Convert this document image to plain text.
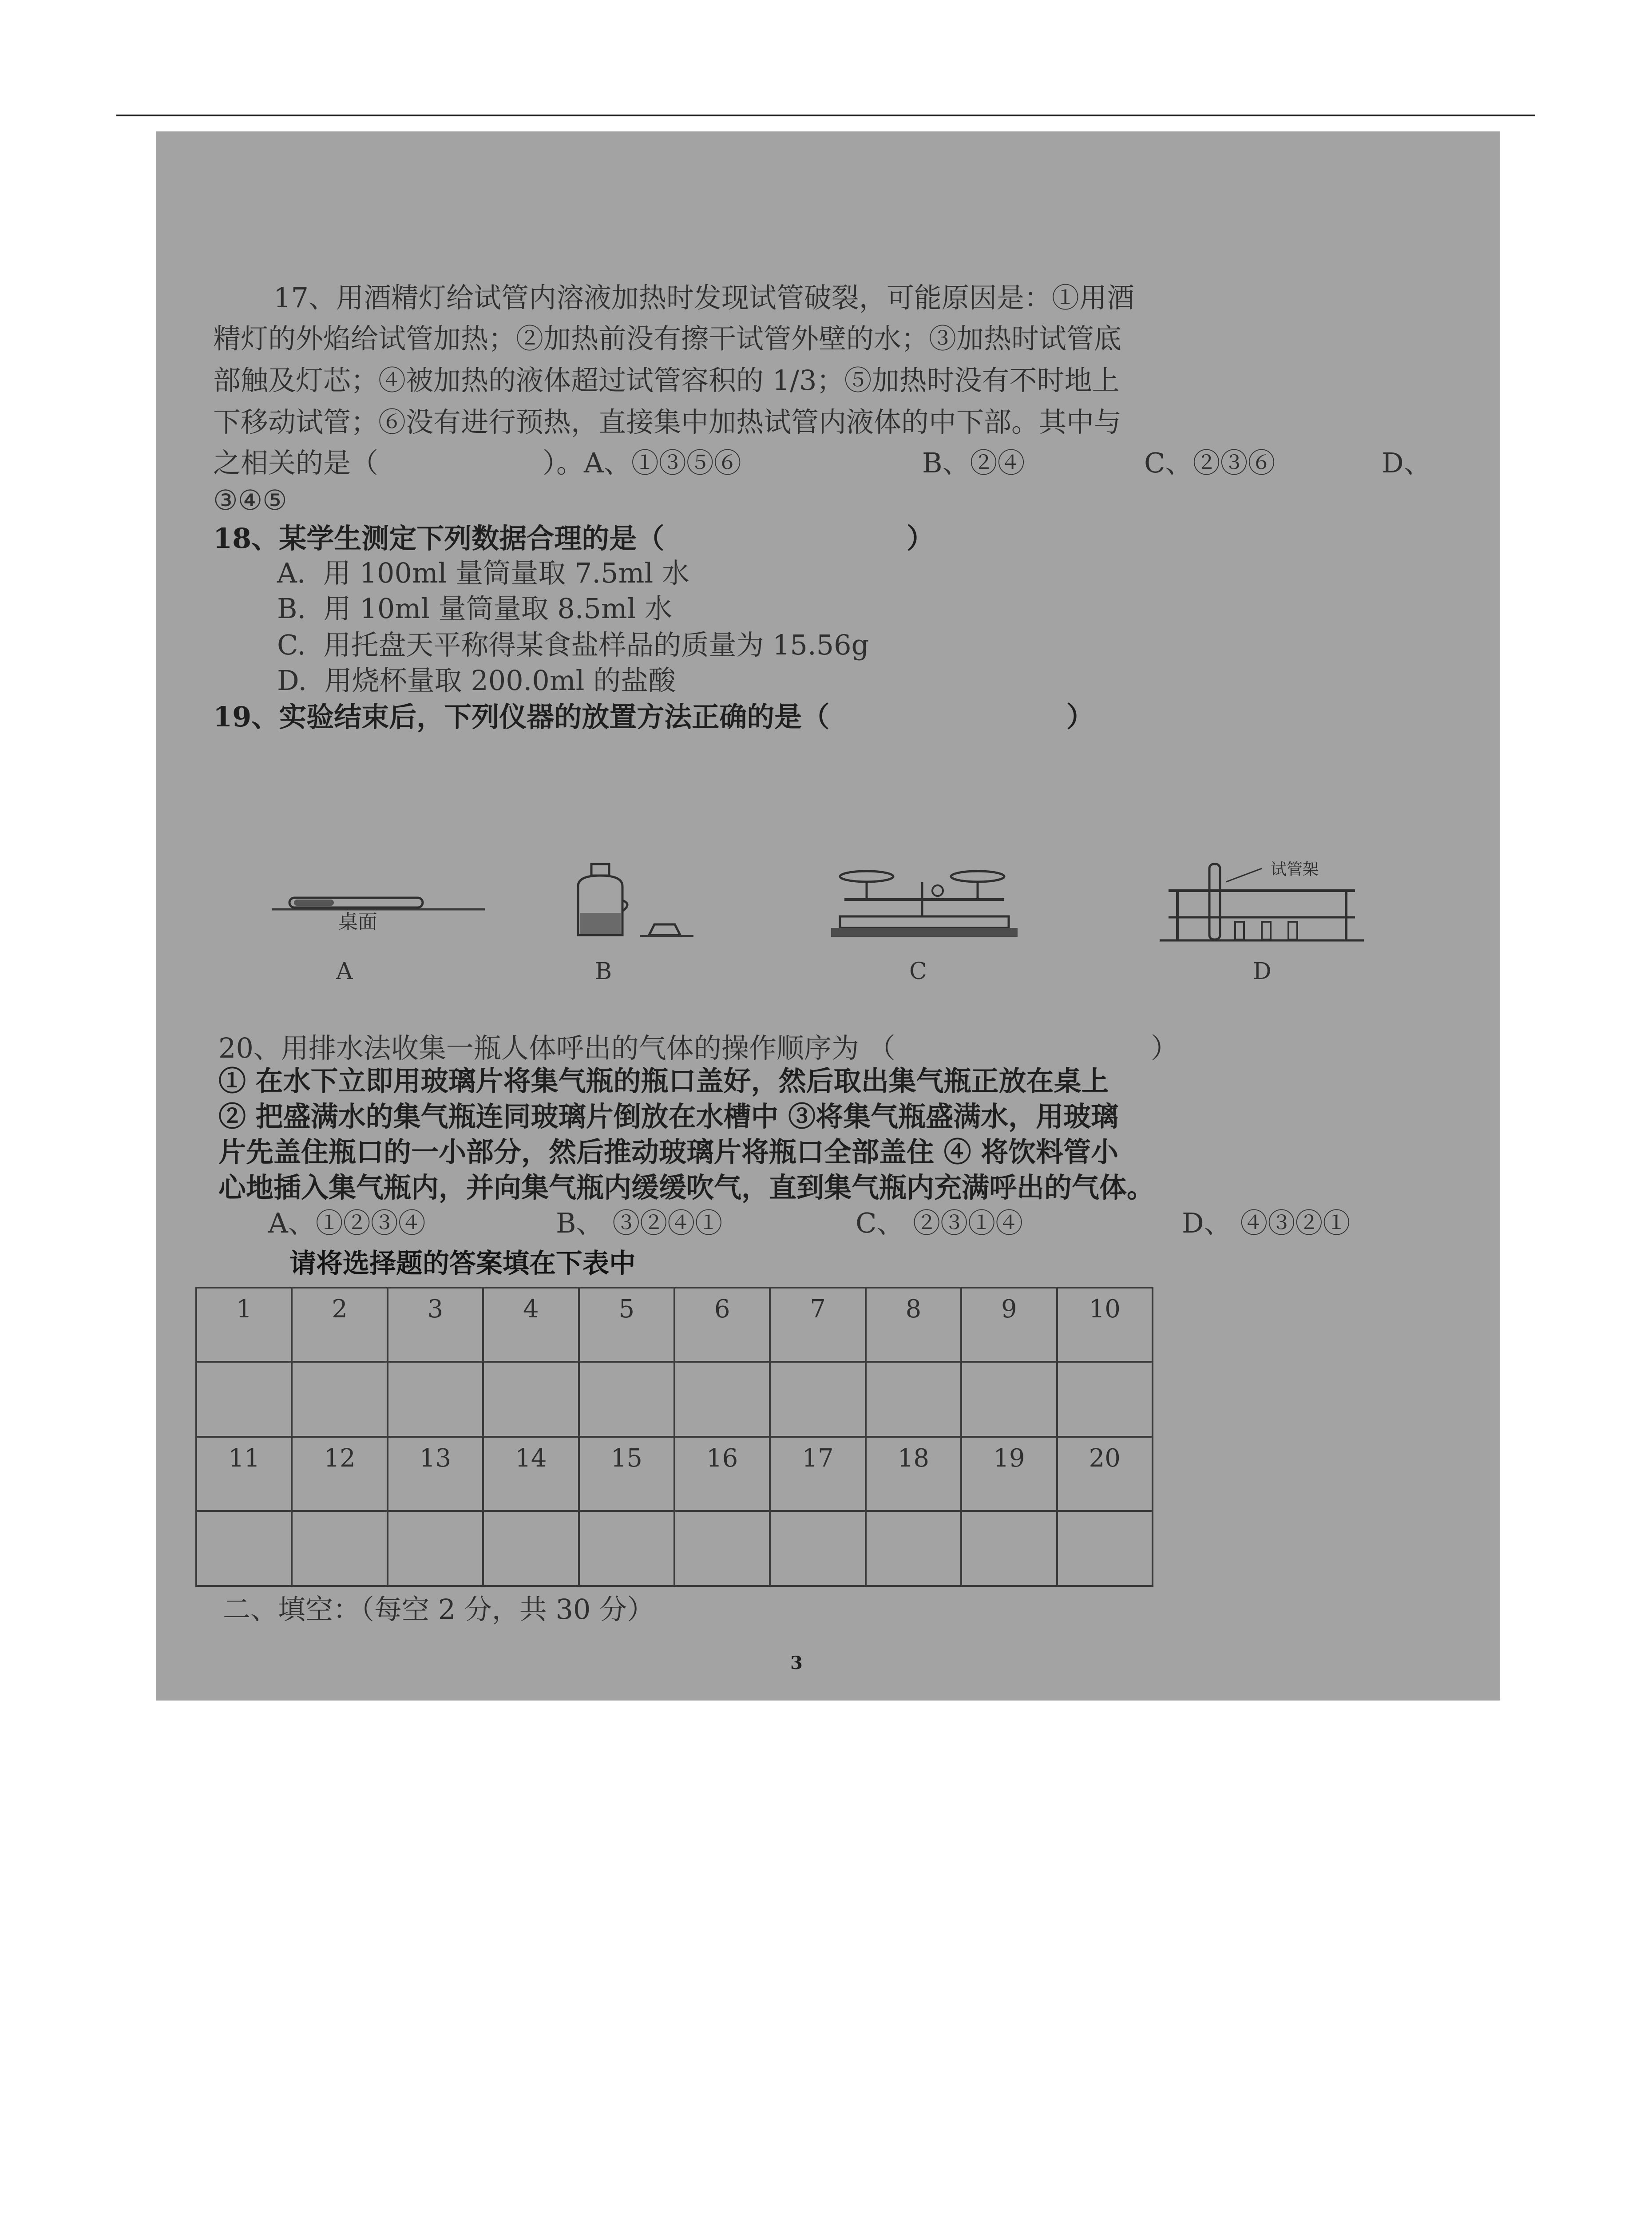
17、用酒精灯给试管内溶液加热时发现试管破裂，可能原因是：①用酒
精灯的外焰给试管加热；②加热前没有擦干试管外壁的水；③加热时试管底
部触及灯芯；④被加热的液体超过试管容积的 1/3；⑤加热时没有不时地上
下移动试管；⑥没有进行预热，直接集中加热试管内液体的中下部。其中与
之相关的是（	）。A、①③⑤⑥	B、②④	C、②③⑥	D、
③④⑤
18、某学生测定下列数据合理的是（	）
A.  用 100ml 量筒量取 7.5ml 水
B.  用 10ml 量筒量取 8.5ml 水
C.  用托盘天平称得某食盐样品的质量为 15.56g
D.  用烧杯量取 200.0ml 的盐酸
19、实验结束后，下列仪器的放置方法正确的是（	）
桌面
A	B	C
试管架
D
20、用排水法收集一瓶人体呼出的气体的操作顺序为 （	）
① 在水下立即用玻璃片将集气瓶的瓶口盖好，然后取出集气瓶正放在桌上
② 把盛满水的集气瓶连同玻璃片倒放在水槽中 ③将集气瓶盛满水，用玻璃
片先盖住瓶口的一小部分，然后推动玻璃片将瓶口全部盖住 ④ 将饮料管小
心地插入集气瓶内，并向集气瓶内缓缓吹气，直到集气瓶内充满呼出的气体。
A、①②③④	B、 ③②④①	C、 ②③①④	D、 ④③②①
请将选择题的答案填在下表中
1	2	3	4	5	6	7	8	9	10

11	12	13	14	15	16	17	18	19	20

二、填空：（每空 2 分，共 30 分）
3
